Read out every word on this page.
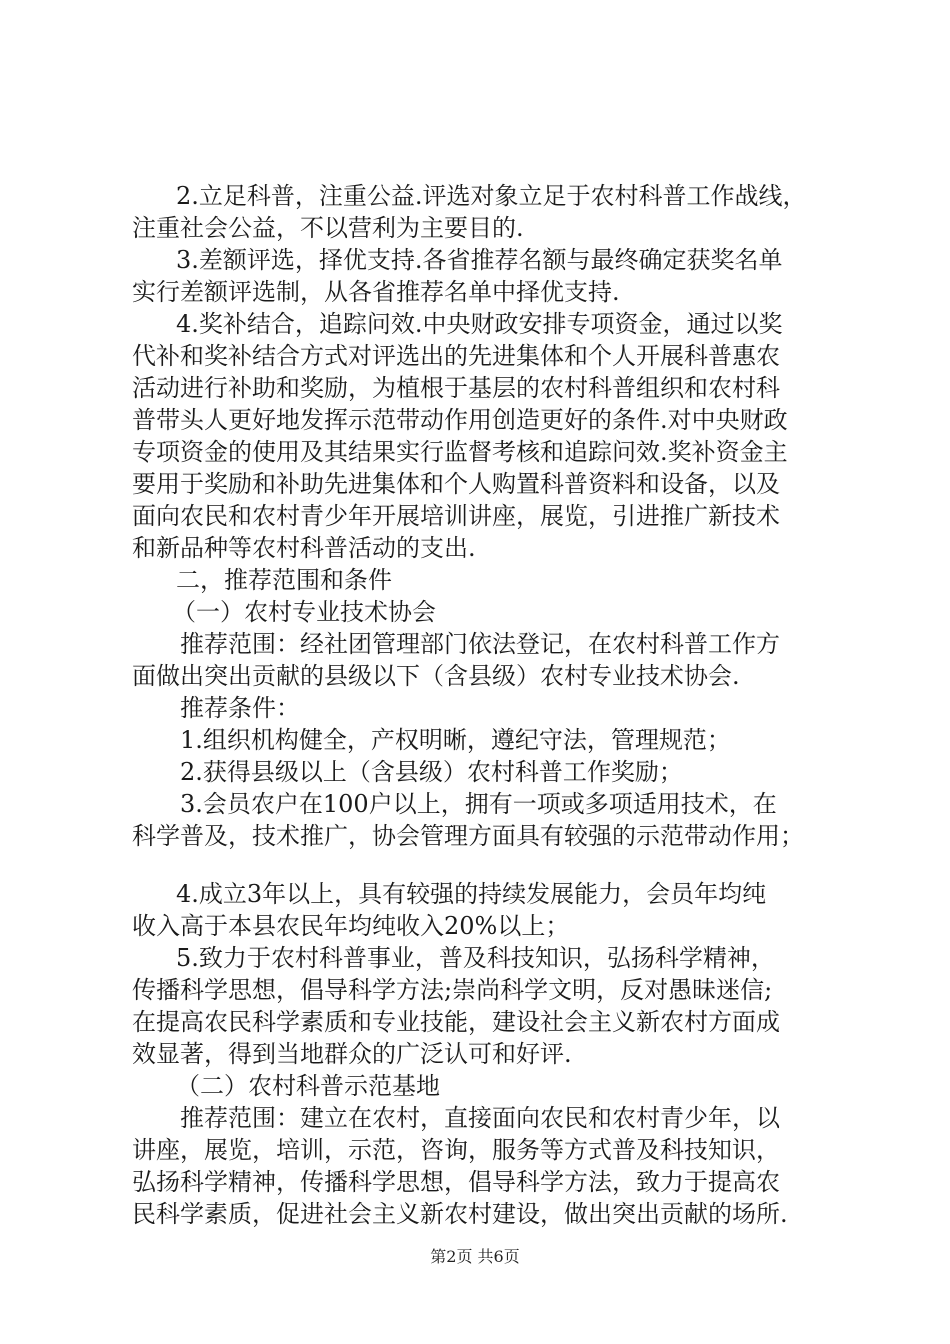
2.立足科普，注重公益.评选对象立足于农村科普工作战线，
注重社会公益，不以营利为主要目的.
3.差额评选，择优支持.各省推荐名额与最终确定获奖名单
实行差额评选制，从各省推荐名单中择优支持.
4.奖补结合，追踪问效.中央财政安排专项资金，通过以奖
代补和奖补结合方式对评选出的先进集体和个人开展科普惠农
活动进行补助和奖励，为植根于基层的农村科普组织和农村科
普带头人更好地发挥示范带动作用创造更好的条件.对中央财政
专项资金的使用及其结果实行监督考核和追踪问效.奖补资金主
要用于奖励和补助先进集体和个人购置科普资料和设备，以及
面向农民和农村青少年开展培训讲座，展览，引进推广新技术
和新品种等农村科普活动的支出.
二，推荐范围和条件
（一）农村专业技术协会
推荐范围：经社团管理部门依法登记，在农村科普工作方
面做出突出贡献的县级以下（含县级）农村专业技术协会.
推荐条件：
1.组织机构健全，产权明晰，遵纪守法，管理规范；
2.获得县级以上（含县级）农村科普工作奖励；
3.会员农户在100户以上，拥有一项或多项适用技术，在
科学普及，技术推广，协会管理方面具有较强的示范带动作用；
4.成立3年以上，具有较强的持续发展能力，会员年均纯
收入高于本县农民年均纯收入20%以上；
5.致力于农村科普事业，普及科技知识，弘扬科学精神，
传播科学思想，倡导科学方法;崇尚科学文明，反对愚昧迷信;
在提高农民科学素质和专业技能，建设社会主义新农村方面成
效显著，得到当地群众的广泛认可和好评.
（二）农村科普示范基地
推荐范围：建立在农村，直接面向农民和农村青少年，以
讲座，展览，培训，示范，咨询，服务等方式普及科技知识，
弘扬科学精神，传播科学思想，倡导科学方法，致力于提高农
民科学素质，促进社会主义新农村建设，做出突出贡献的场所.
第2页 共6页
